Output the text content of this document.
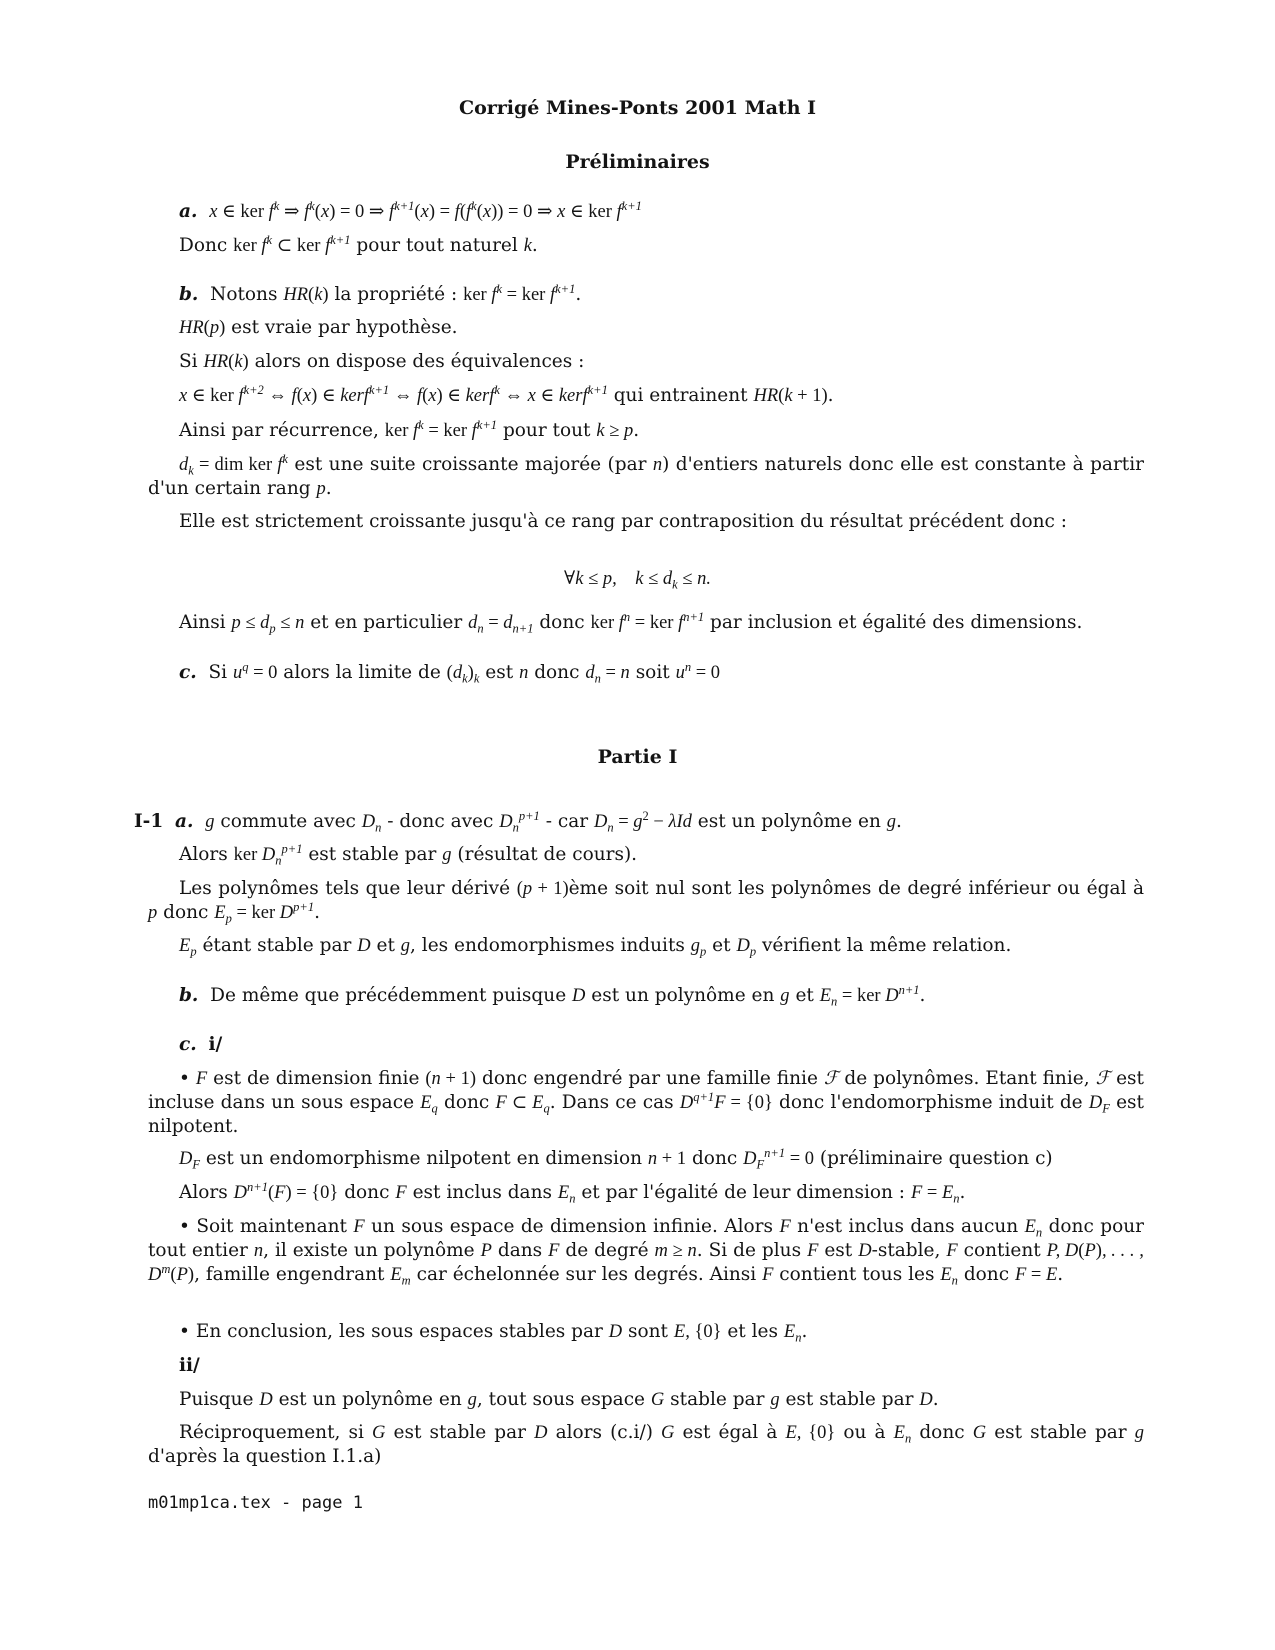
Corrigé Mines-Ponts 2001 Math I
Préliminaires
a. x ∈ ker $f^k$ ⇒ $f^k(x) = 0$ ⇒ $f^{k+1}(x) = f(f^k(x)) = 0$ ⇒ x ∈ ker $f^{k+1}$
Donc ker $f^k$ ⊂ ker $f^{k+1}$ pour tout naturel k.
b. Notons HR(k) la propriété : ker $f^k$ = ker $f^{k+1}$.
HR(p) est vraie par hypothèse.
Si HR(k) alors on dispose des équivalences :
x ∈ ker $f^{k+2}$ ⇔ f(x) ∈ kerf$^{k+1}$ ⇔ f(x) ∈ kerf$^k$ ⇔ x ∈ kerf$^{k+1}$ qui entrainent HR(k + 1).
Ainsi par récurrence, ker $f^k$ = ker $f^{k+1}$ pour tout k ≥ p.
$d_k$ = dim ker $f^k$ est une suite croissante majorée (par n) d'entiers naturels donc elle est constante à partir d'un certain rang p.
Elle est strictement croissante jusqu'à ce rang par contraposition du résultat précédent donc :
∀k ≤ p,    $k \le d_k \le n$.
Ainsi $p \le d_p \le n$ et en particulier $d_n = d_{n+1}$ donc ker $f^n$ = ker $f^{n+1}$ par inclusion et égalité des dimensions.
c. Si $u^q = 0$ alors la limite de $(d_k)_k$ est n donc $d_n = n$ soit $u^n = 0$
Partie I
I-1 a. g commute avec $D_n$ - donc avec $D_n^{p+1}$ - car $D_n = g^2 - \lambda Id$ est un polynôme en g.
Alors ker $D_n^{p+1}$ est stable par g (résultat de cours).
Les polynômes tels que leur dérivé (p + 1)ème soit nul sont les polynômes de degré inférieur ou égal à p donc $E_p$ = ker $D^{p+1}$.
$E_p$ étant stable par D et g, les endomorphismes induits $g_p$ et $D_p$ vérifient la même relation.
b. De même que précédemment puisque D est un polynôme en g et $E_n$ = ker $D^{n+1}$.
c. i/
• F est de dimension finie (n + 1) donc engendré par une famille finie ℱ de polynômes. Etant finie, ℱ est incluse dans un sous espace $E_q$ donc F ⊂ $E_q$. Dans ce cas $D^{q+1}F = \{0\}$ donc l'endomorphisme induit de $D_F$ est nilpotent.
$D_F$ est un endomorphisme nilpotent en dimension n + 1 donc $D_F^{n+1} = 0$ (préliminaire question c)
Alors $D^{n+1}(F) = \{0\}$ donc F est inclus dans $E_n$ et par l'égalité de leur dimension : $F = E_n$.
• Soit maintenant F un sous espace de dimension infinie. Alors F n'est inclus dans aucun $E_n$ donc pour tout entier n, il existe un polynôme P dans F de degré m ≥ n. Si de plus F est D-stable, F contient P, D(P), . . . , $D^m(P)$, famille engendrant $E_m$ car échelonnée sur les degrés. Ainsi F contient tous les $E_n$ donc F = E.
• En conclusion, les sous espaces stables par D sont E, {0} et les $E_n$.
ii/
Puisque D est un polynôme en g, tout sous espace G stable par g est stable par D.
Réciproquement, si G est stable par D alors (c.i/) G est égal à E, {0} ou à $E_n$ donc G est stable par g d'après la question I.1.a)
m01mp1ca.tex - page 1
